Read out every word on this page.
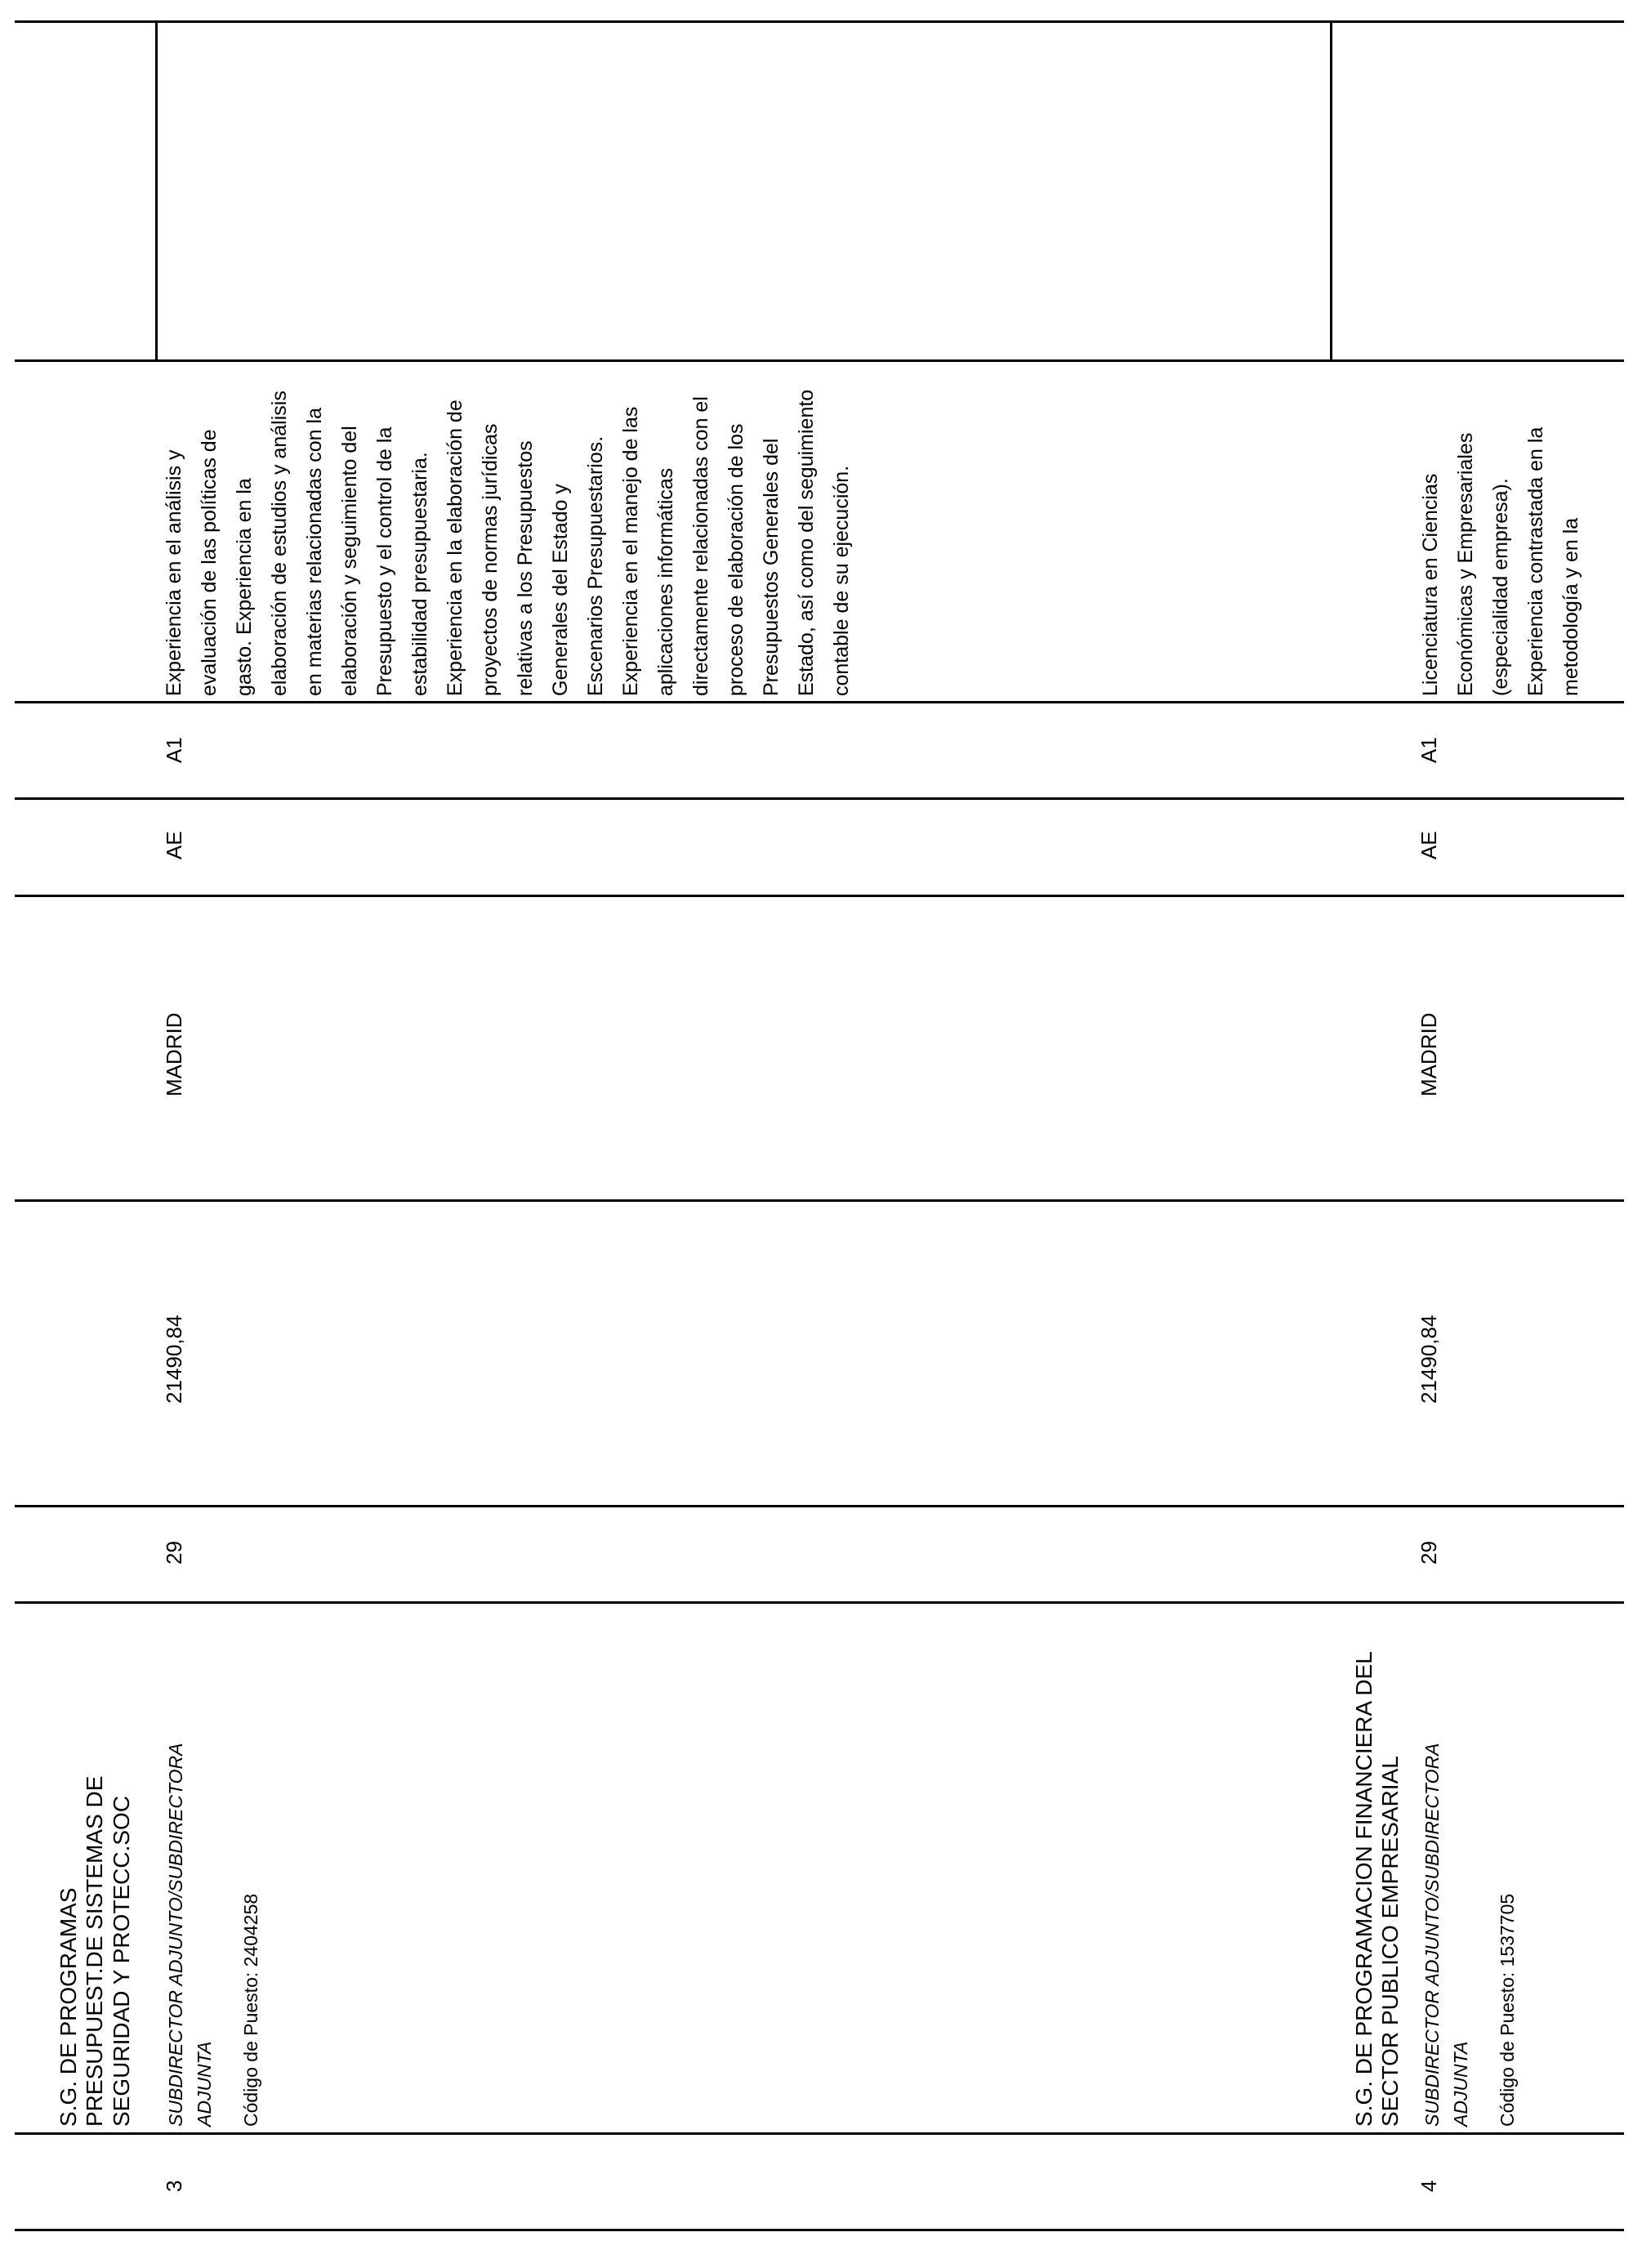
3
S.G. DE PROGRAMAS PRESUPUEST.DE SISTEMAS DE SEGURIDAD Y PROTECC.SOC SUBDIRECTOR ADJUNTO/SUBDIRECTORA ADJUNTA Código de Puesto: 2404258
29
21490,84
MADRID
AE
A1
Experiencia en el análisis y evaluación de las políticas de gasto. Experiencia en la elaboración de estudios y análisis en materias relacionadas con la elaboración y seguimiento del Presupuesto y el control de la estabilidad presupuestaria. Experiencia en la elaboración de proyectos de normas jurídicas relativas a los Presupuestos Generales del Estado y Escenarios Presupuestarios. Experiencia en el manejo de las aplicaciones informáticas directamente relacionadas con el proceso de elaboración de los Presupuestos Generales del Estado, así como del seguimiento contable de su ejecución.
4
S.G. DE PROGRAMACION FINANCIERA DEL SECTOR PUBLICO EMPRESARIAL SUBDIRECTOR ADJUNTO/SUBDIRECTORA ADJUNTA Código de Puesto: 1537705
29
21490,84
MADRID
AE
A1
Licenciatura en Ciencias Económicas y Empresariales (especialidad empresa). Experiencia contrastada en la metodología y en la
